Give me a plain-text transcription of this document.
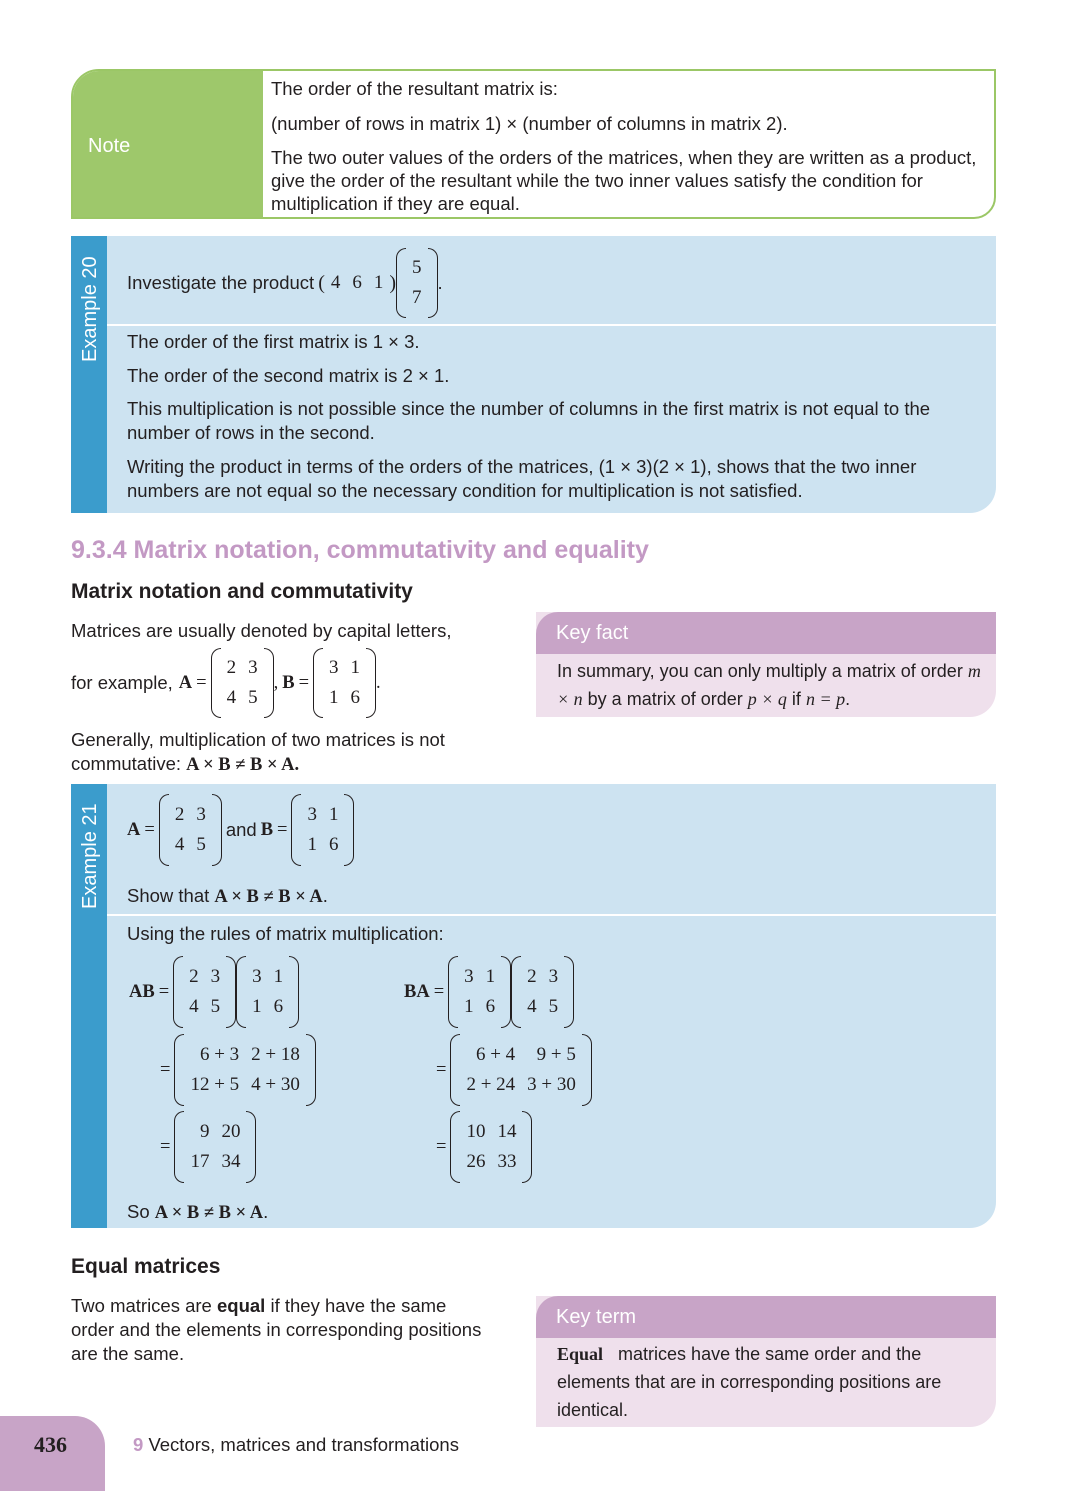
Note
The order of the resultant matrix is:
(number of rows in matrix 1) × (number of columns in matrix 2).
The two outer values of the orders of the matrices, when they are written as a product, give the order of the resultant while the two inner values satisfy the condition for multiplication if they are equal.
Example 20 Investigate the product ( 4	6	1 )
5
7
.
The order of the first matrix is 1 × 3.
The order of the second matrix is 2 × 1.
This multiplication is not possible since the number of columns in the first matrix is not equal to the number of rows in the second.
Writing the product in terms of the orders of the matrices, (1 × 3)(2 × 1), shows that the two inner numbers are not equal so the necessary condition for multiplication is not satisfied.
9.3.4 Matrix notation, commutativity and equality
Matrix notation and commutativity
Matrices are usually denoted by capital letters,
for example, A =
2	3
4	5
, B =
3	1
1	6
.
Generally, multiplication of two matrices is not
commutative: A × B ≠ B × A.
Key fact
In summary, you can only multiply a matrix of order m × n by a matrix of order p × q if n = p.
Example 21 A =
2	3
4	5
and B =
3	1
1	6
Show that A × B ≠ B × A.
Using the rules of matrix multiplication:
AB =
2	3
4	5
3	1
1	6
=
6 + 3	2 + 18
12 + 5	4 + 30
=
9	20
17	34
BA =
3	1
1	6
2	3
4	5
=
6 + 4	9 + 5
2 + 24	3 + 30
=
10	14
26	33
So A × B ≠ B × A.
Equal matrices
Two matrices are equal if they have the same order and the elements in corresponding positions are the same.
Key term
Equal matrices have the same order and the elements that are in corresponding positions are identical.
436	9 Vectors, matrices and transformations
